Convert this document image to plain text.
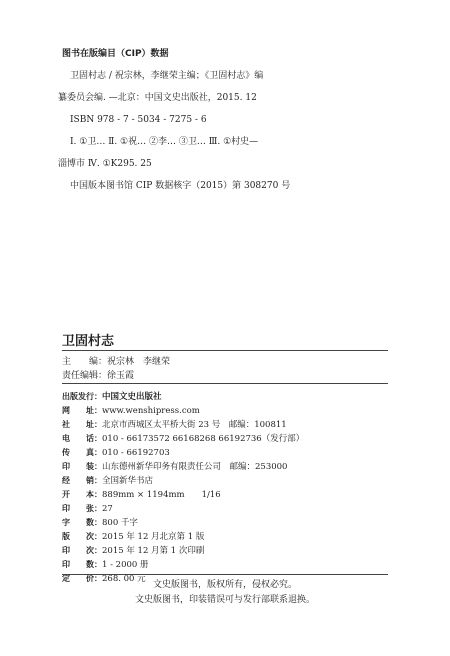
图书在版编目（CIP）数据
卫固村志 / 祝宗林，李继荣主编；《卫固村志》编
纂委员会编. —北京：中国文史出版社，2015. 12
ISBN 978 - 7 - 5034 - 7275 - 6
Ⅰ. ①卫… Ⅱ. ①祝… ②李… ③卫… Ⅲ. ①村史—
淄博市 Ⅳ. ①K295. 25
中国版本图书馆 CIP 数据核字（2015）第 308270 号
卫固村志
主　　编：祝宗林　李继荣
责任编辑：徐玉霞
出版发行： 中国文史出版社
网　　址： www.wenshipress.com
社　　址： 北京市西城区太平桥大街 23 号　邮编：100811
电　　话： 010 - 66173572 66168268 66192736（发行部）
传　　真： 010 - 66192703
印　　装： 山东德州新华印务有限责任公司　邮编：253000
经　　销： 全国新华书店
开　　本： 889mm × 1194mm　　1/16
印　　张： 27
字　　数： 800 千字
版　　次： 2015 年 12 月北京第 1 版
印　　次： 2015 年 12 月第 1 次印刷
印　　数： 1 - 2000 册
定　　价： 268. 00 元
文史版图书，版权所有，侵权必究。
文史版图书，印装错误可与发行部联系退换。
